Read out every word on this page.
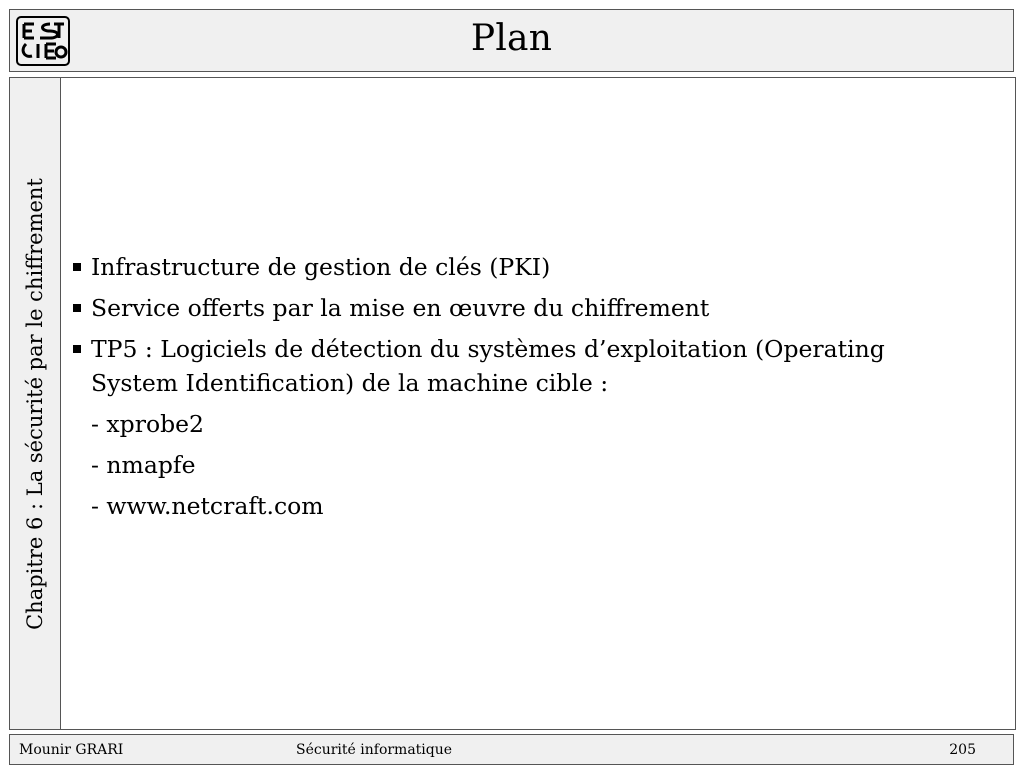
Plan
Chapitre 6 : La sécurité par le chiffrement	Infrastructure de gestion de clés (PKI)
Service offerts par la mise en œuvre du chiffrement
TP5 : Logiciels de détection du systèmes d’exploitation (Operating System Identification) de la machine cible :
- xprobe2
- nmapfe
- www.netcraft.com
Mounir GRARI	Sécurité informatique	205
